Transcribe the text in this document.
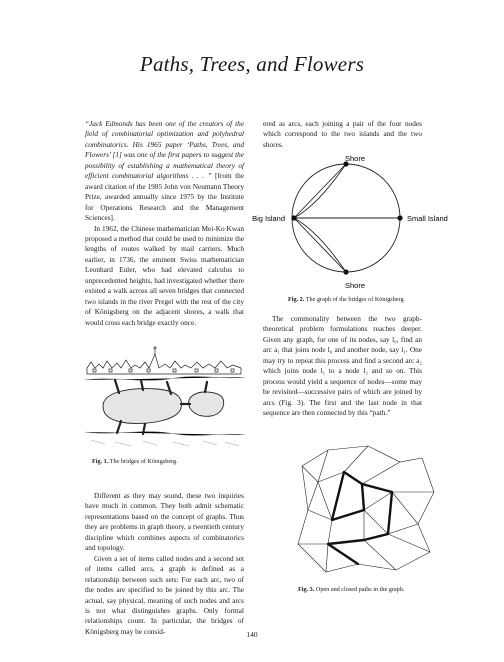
Paths, Trees, and Flowers

“Jack Edmonds has been one of the creators of the field of combinatorial optimization and polyhedral combinatorics. His 1965 paper ‘Paths, Trees, and Flowers’ [1] was one of the first papers to suggest the possibility of establishing a mathematical theory of efficient combinatorial algorithms . . . ” [from the award citation of the 1985 John von Neumann Theory Prize, awarded annually since 1975 by the Institute for Operations Research and the Management Sciences].

In 1962, the Chinese mathematician Mei-Ko Kwan proposed a method that could be used to minimize the lengths of routes walked by mail carriers. Much earlier, in 1736, the eminent Swiss mathematician Leonhard Euler, who had elevated calculus to unprecedented heights, had investigated whether there existed a walk across all seven bridges that connected two islands in the river Pregel with the rest of the city of Königsberg on the adjacent shores, a walk that would cross each bridge exactly once.

Fig. 1. The bridges of Königsberg.

Different as they may sound, these two inquiries have much in common. They both admit schematic representations based on the concept of graphs. Thus they are problems in graph theory, a twentieth century discipline which combines aspects of combinatorics and topology.

Given a set of items called nodes and a second set of items called arcs, a graph is defined as a relationship between such sets: For each arc, two of the nodes are specified to be joined by this arc. The actual, say physical, meaning of such nodes and arcs is not what distinguishes graphs. Only formal relationships count. In particular, the bridges of Königsberg may be consid-

ered as arcs, each joining a pair of the four nodes which correspond to the two islands and the two shores.
Shore
Big Island	Small Island
Shore
Fig. 2. The graph of the bridges of Königsberg.

The commonality between the two graph-theoretical problem formulations reaches deeper. Given any graph, for one of its nodes, say l₀, find an arc a₁ that joins node l₀ and another node, say l₁. One may try to repeat this process and find a second arc a₂ which joins node l₁ to a node l₂ and so on. This process would yield a sequence of nodes—some may be revisited—successive pairs of which are joined by arcs (Fig. 3). The first and the last node in that sequence are then connected by this “path.”

Fig. 3. Open and closed paths in the graph.
140
